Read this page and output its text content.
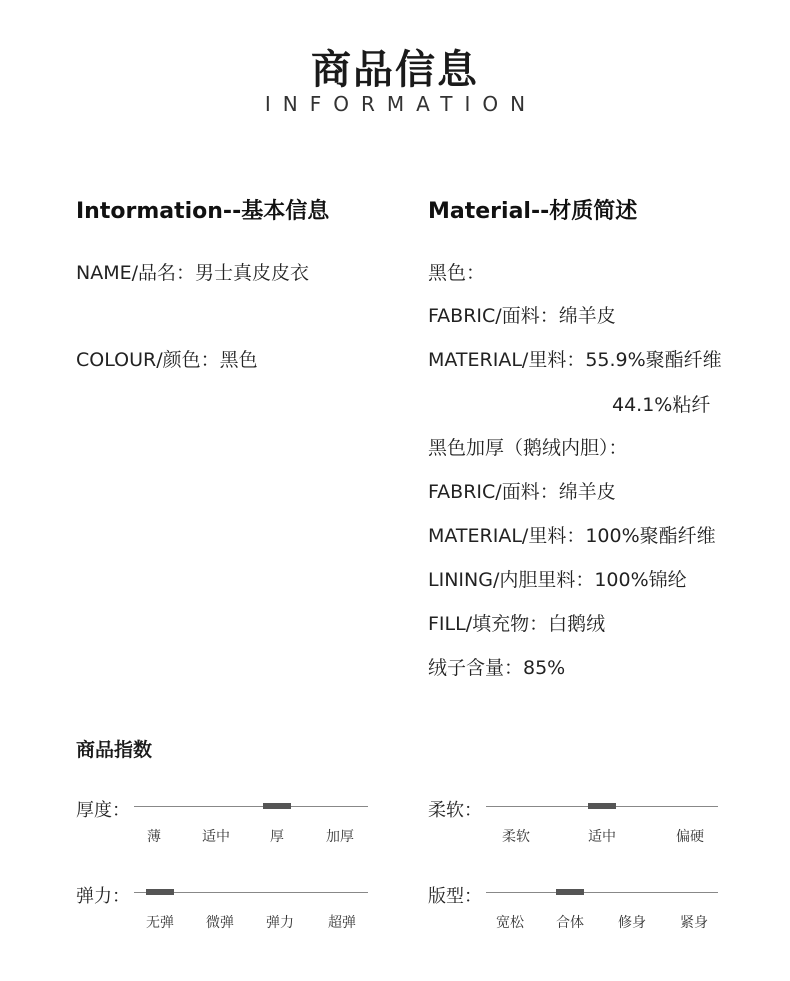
商品信息
INFORMATION
Intormation--基本信息
NAME/品名：男士真皮皮衣
COLOUR/颜色：黑色
Material--材质简述
黑色：
FABRIC/面料：绵羊皮
MATERIAL/里料：55.9%聚酯纤维
44.1%粘纤
黑色加厚（鹅绒内胆）：
FABRIC/面料：绵羊皮
MATERIAL/里料：100%聚酯纤维
LINING/内胆里料：100%锦纶
FILL/填充物：白鹅绒
绒子含量：85%
商品指数
厚度：
薄	适中	厚	加厚
柔软：
柔软	适中	偏硬
弹力：
无弹 微弹 弹力 超弹
版型：
宽松 合体 修身 紧身
